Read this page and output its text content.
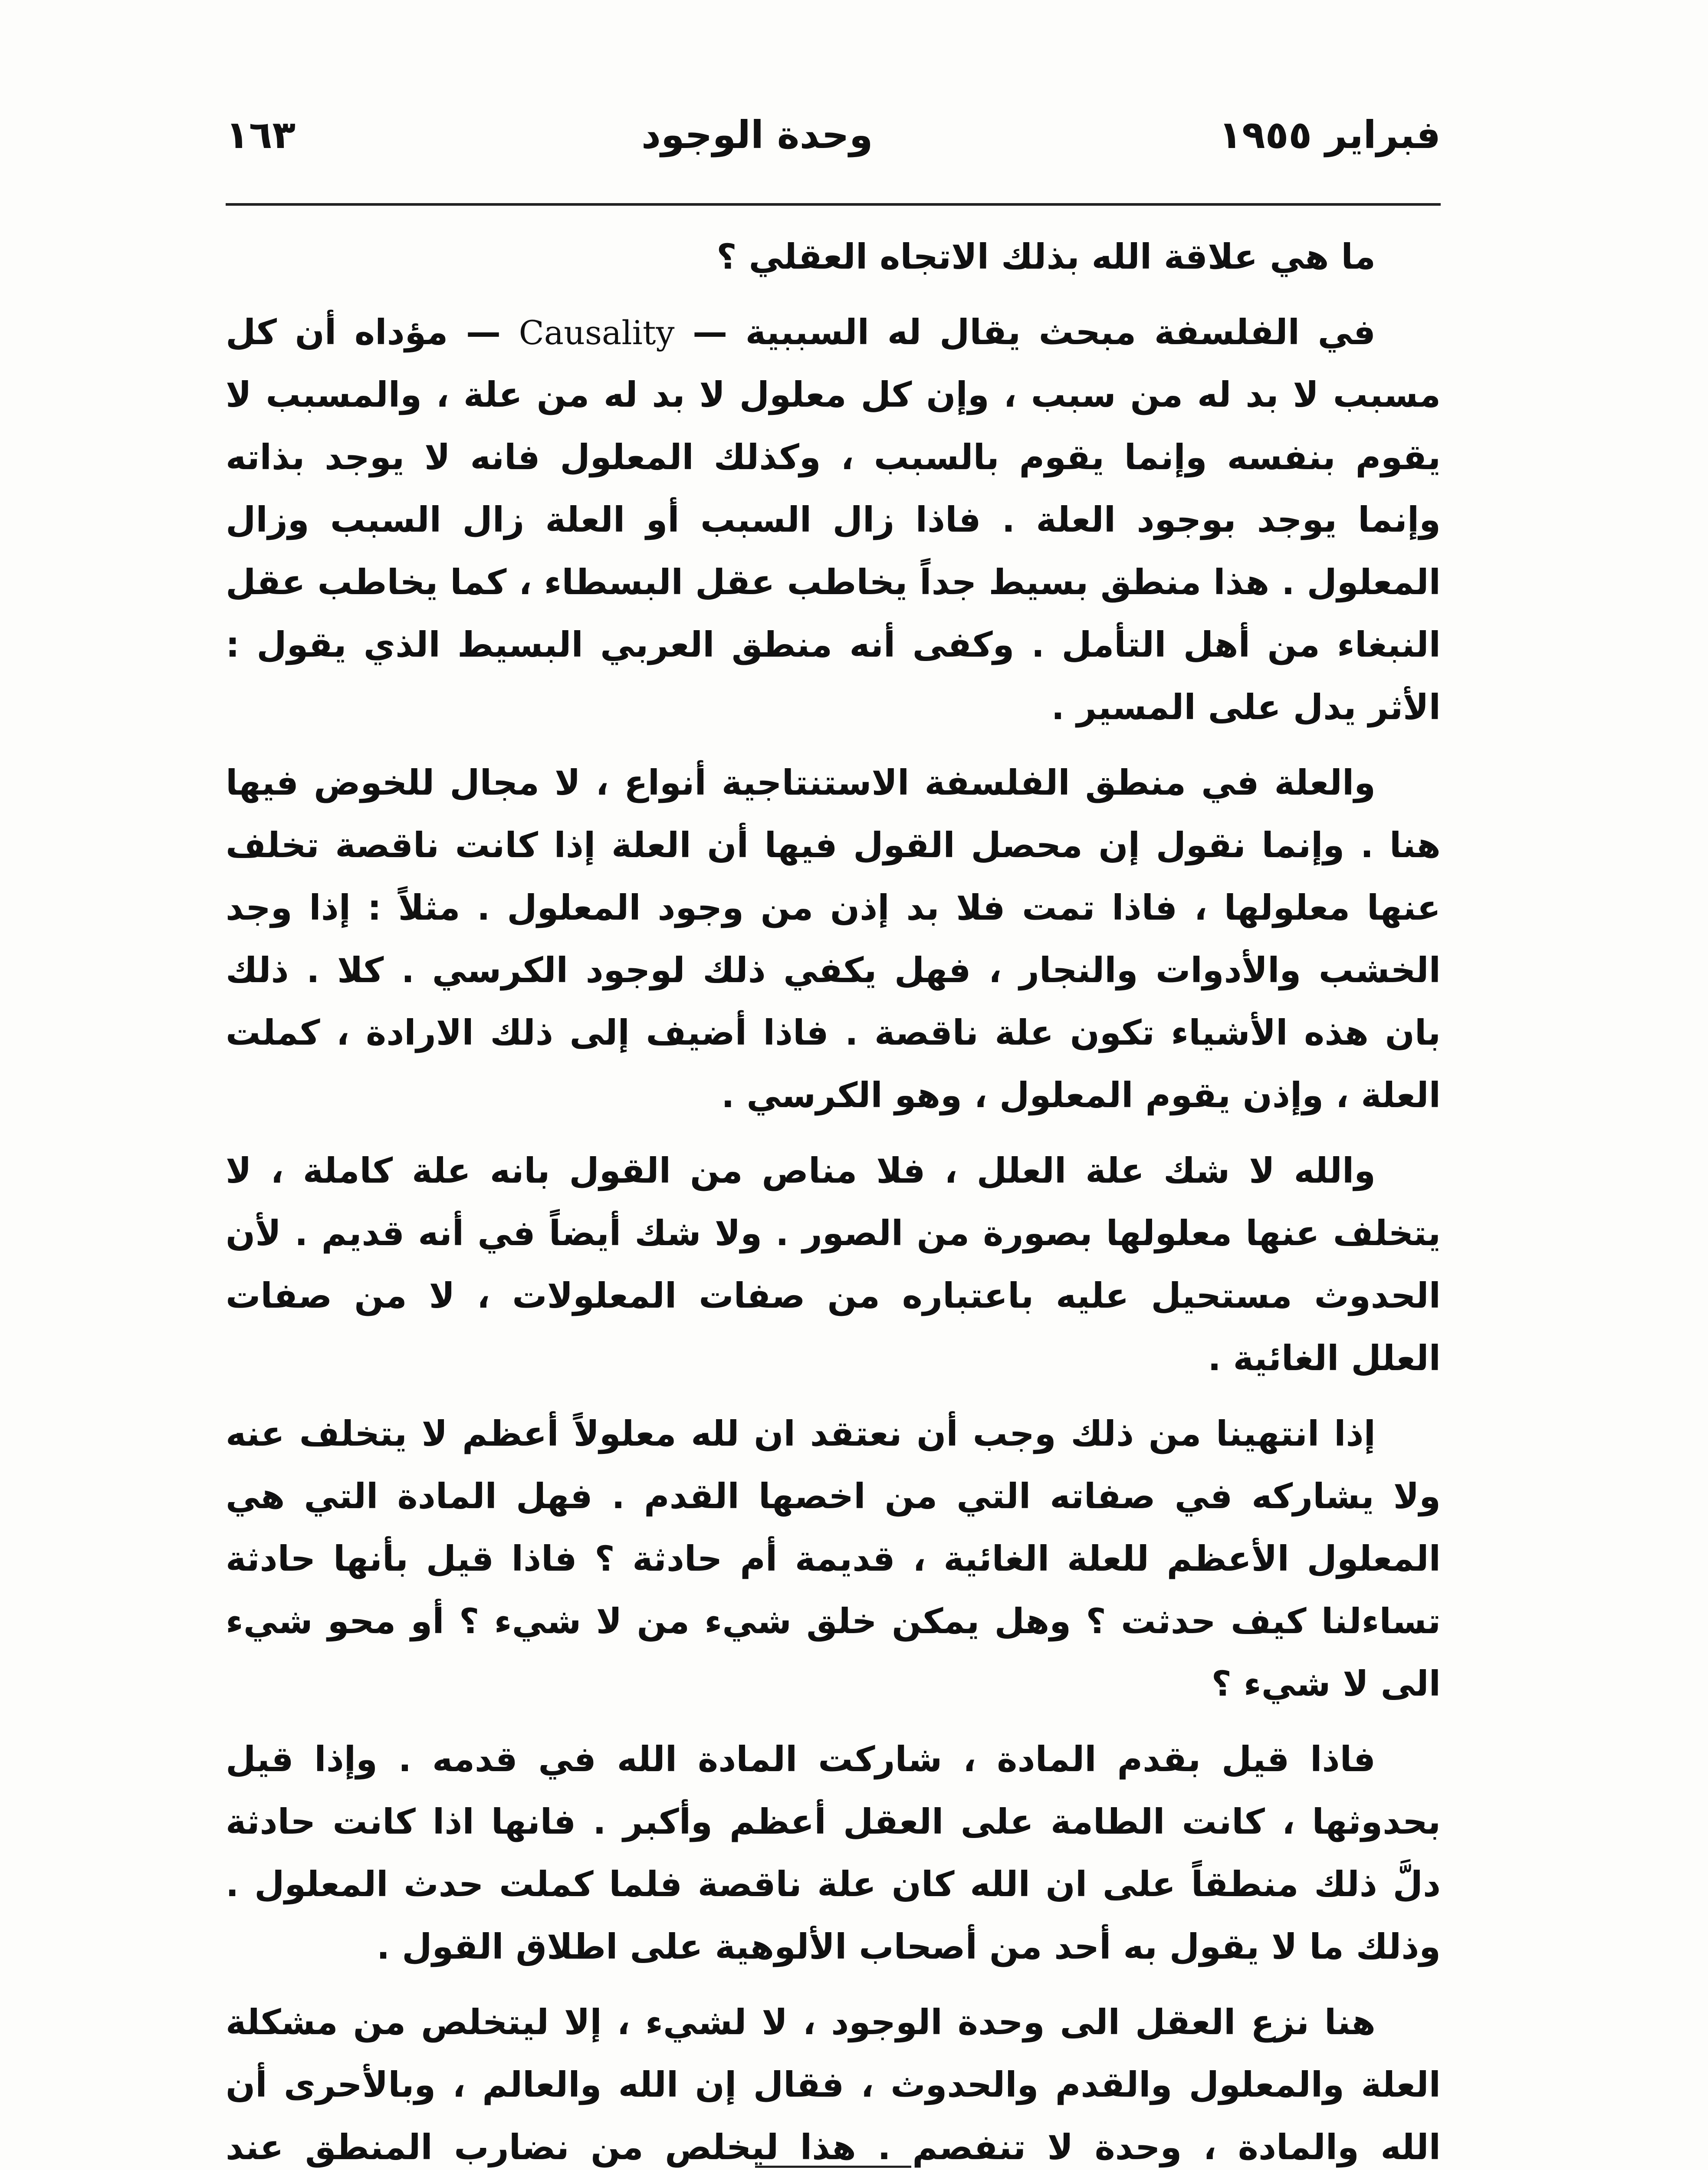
فبراير ١٩٥٥
وحدة الوجود
١٦٣

ما هي علاقة الله بذلك الاتجاه العقلي ؟

في الفلسفة مبحث يقال له السببية — Causality — مؤداه أن كل مسبب لا بد له من سبب ، وإن كل معلول لا بد له من علة ، والمسبب لا يقوم بنفسه وإنما يقوم بالسبب ، وكذلك المعلول فانه لا يوجد بذاته وإنما يوجد بوجود العلة . فاذا زال السبب أو العلة زال السبب وزال المعلول . هذا منطق بسيط جداً يخاطب عقل البسطاء ، كما يخاطب عقل النبغاء من أهل التأمل . وكفى أنه منطق العربي البسيط الذي يقول : الأثر يدل على المسير .

والعلة في منطق الفلسفة الاستنتاجية أنواع ، لا مجال للخوض فيها هنا . وإنما نقول إن محصل القول فيها أن العلة إذا كانت ناقصة تخلف عنها معلولها ، فاذا تمت فلا بد إذن من وجود المعلول . مثلاً : إذا وجد الخشب والأدوات والنجار ، فهل يكفي ذلك لوجود الكرسي . كلا . ذلك بان هذه الأشياء تكون علة ناقصة . فاذا أضيف إلى ذلك الارادة ، كملت العلة ، وإذن يقوم المعلول ، وهو الكرسي .

والله لا شك علة العلل ، فلا مناص من القول بانه علة كاملة ، لا يتخلف عنها معلولها بصورة من الصور . ولا شك أيضاً في أنه قديم . لأن الحدوث مستحيل عليه باعتباره من صفات المعلولات ، لا من صفات العلل الغائية .

إذا انتهينا من ذلك وجب أن نعتقد ان لله معلولاً أعظم لا يتخلف عنه ولا يشاركه في صفاته التي من اخصها القدم . فهل المادة التي هي المعلول الأعظم للعلة الغائية ، قديمة أم حادثة ؟ فاذا قيل بأنها حادثة تساءلنا كيف حدثت ؟ وهل يمكن خلق شيء من لا شيء ؟ أو محو شيء الى لا شيء ؟

فاذا قيل بقدم المادة ، شاركت المادة الله في قدمه . وإذا قيل بحدوثها ، كانت الطامة على العقل أعظم وأكبر . فانها اذا كانت حادثة دلَّ ذلك منطقاً على ان الله كان علة ناقصة فلما كملت حدث المعلول . وذلك ما لا يقول به أحد من أصحاب الألوهية على اطلاق القول .

هنا نزع العقل الى وحدة الوجود ، لا لشيء ، إلا ليتخلص من مشكلة العلة والمعلول والقدم والحدوث ، فقال إن الله والعالم ، وبالأحرى أن الله والمادة ، وحدة لا تنفصم . هذا ليخلص من نضارب المنطق عند
